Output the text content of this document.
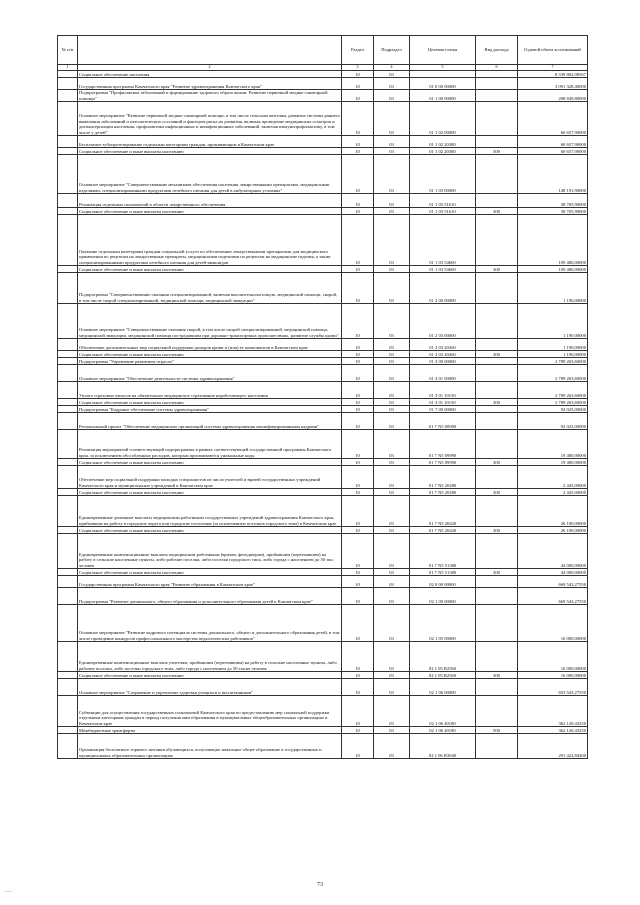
№ п/п		Раздел	Подраздел	Целевая статья	Вид расхода	Годовой объем ассигнований
1	2	3	4	5	6	7
	Социальное обеспечение населения	10	03			8 339 802,98567
	Государственная программа Камчатского края "Развитие здравоохранения Камчатского края"	10	03	01 0 00 00000		3 091 328,40000
	Подпрограмма "Профилактика заболеваний и формирование здорового образа жизни. Развитие первичной медико-санитарной помощи"	10	03	01 1 00 00000		208 849,80000
	Основное мероприятие "Развитие первичной медико-санитарной помощи, в том числе сельским жителям, развитие системы раннего выявления заболеваний и патологических состояний и факторов риска их развития, включая проведение медицинских осмотров и диспансеризации населения, профилактика инфекционных и неинфекционных заболеваний, включая иммунопрофилактику, в том числе у детей"	10	03	01 1 02 00000		60 657,90000
	Бесплатное зубопротезирование отдельным категориям граждан, проживающим в Камчатском крае	10	03	01 1 02 20380		60 657,90000
	Социальное обеспечение и иные выплаты населению	10	03	01 1 02 20380	300	60 657,90000
	Основное мероприятие "Совершенствование механизмов обеспечения населения лекарственными препаратами, медицинскими изделиями, специализированными продуктами лечебного питания для детей в амбулаторных условиях"	10	03	01 1 03 00000		148 191,90000
	Реализация отдельных полномочий в области лекарственного обеспечения	10	03	01 1 03 51610		38 705,90000
	Социальное обеспечение и иные выплаты населению	10	03	01 1 03 51610	300	38 705,90000
	Оказание отдельным категориям граждан социальной услуги по обеспечению лекарственными препаратами для медицинского применения по рецептам на лекарственные препараты, медицинскими изделиями по рецептам на медицинские изделия, а также специализированными продуктами лечебного питания для детей-инвалидов	10	03	01 1 03 54600		109 486,00000
	Социальное обеспечение и иные выплаты населению	10	03	01 1 03 54600	300	109 486,00000
	Подпрограмма "Совершенствование оказания специализированной, включая высокотехнологичную, медицинской помощи, скорой, в том числе скорой специализированной, медицинской помощи, медицинской эвакуации"	10	03	01 2 00 00000		1 190,00000
	Основное мероприятие "Совершенствование оказания скорой, в том числе скорой специализированной, медицинской помощи, медицинской эвакуации, медицинской помощи пострадавшим при дорожно-транспортных происшествиях, развитие службы крови"	10	03	01 2 03 00000		1 190,00000
	Обеспечение дополнительных мер социальной поддержки доноров крови и (или) ее компонентов в Камчатском крае	10	03	01 2 03 20260		1 190,00000
	Социальное обеспечение и иные выплаты населению	10	03	01 2 03 20260	300	1 190,00000
	Подпрограмма "Управление развитием отрасли"	10	03	01 3 00 00000		2 789 263,60000
	Основное мероприятие "Обеспечение деятельности системы здравоохранения"	10	03	01 3 01 00000		2 789 263,60000
	Уплата страховых взносов на обязательное медицинское страхование неработающего населения	10	03	01 3 01 10150		2 789 263,60000
	Социальное обеспечение и иные выплаты населению	10	03	01 3 01 10150	300	2 789 263,60000
	Подпрограмма "Кадровое обеспечение системы здравоохранения"	10	03	01 7 00 00000		92 025,00000
	Региональный проект "Обеспечение медицинских организаций системы здравоохранения квалифицированными кадрами"	10	03	01 7 N5 00000		92 025,00000
	Реализация мероприятий соответствующей подпрограммы в рамках соответствующей государственной программы Камчатского края, за исключением обособленных расходов, которым присваиваются уникальные коды	10	03	01 7 N5 09990		19 480,00000
	Социальное обеспечение и иные выплаты населению	10	03	01 7 N5 09990	300	19 480,00000
	Обеспечение мер социальной поддержки молодых специалистов из числа учителей и врачей государственных учреждений Камчатского края и муниципальных учреждений в Камчатском крае	10	03	01 7 N5 20280		2 445,00000
	Социальное обеспечение и иные выплаты населению	10	03	01 7 N5 20280	300	2 445,00000
	Единовременные денежные выплаты медицинским работникам государственных учреждений здравоохранения Камчатского края, прибывшим на работу в городские округа или городские поселения (за исключением поселков городского типа) в Камчатском крае	10	03	01 7 N5 20420		26 100,00000
	Социальное обеспечение и иные выплаты населению	10	03	01 7 N5 20420	300	26 100,00000
	Единовременные компенсационные выплаты медицинским работникам (врачам, фельдшерам), прибывшим (переехавшим) на работу в сельские населенные пункты, либо рабочие поселки, либо поселки городского типа, либо города с населением до 50 тыс. человек	10	03	01 7 N5 51380		44 000,00000
	Социальное обеспечение и иные выплаты населению	10	03	01 7 N5 51380	300	44 000,00000
	Государственная программа Камчатского края "Развитие образования в Камчатском крае"	10	03	02 0 00 00000		669 543,27550
	Подпрограмма "Развитие дошкольного, общего образования и дополнительного образования детей в Камчатском крае"	10	03	02 1 00 00000		669 543,27550
	Основное мероприятие "Развитие кадрового потенциала системы дошкольного, общего и дополнительного образования детей, в том числе проведение конкурсов профессионального мастерства педагогических работников"	10	03	02 1 05 00000		16 000,00000
	Единовременные компенсационные выплаты учителям, прибывшим (переехавшим) на работу в сельские населенные пункты, либо рабочие поселки, либо поселки городского типа, либо города с населением до 50 тысяч человек	10	03	02 1 05 R2560		16 000,00000
	Социальное обеспечение и иные выплаты населению	10	03	02 1 05 R2560	300	16 000,00000
	Основное мероприятие "Сохранение и укрепление здоровья учащихся и воспитанников"	10	03	02 1 06 00000		653 543,27550
	Субвенции для осуществления государственных полномочий Камчатского края по предоставлению мер социальной поддержки отдельным категориям граждан в период получения ими образования в муниципальных общеобразовательных организациях в Камчатском крае	10	03	02 1 06 40180		362 120,43250
	Межбюджетные трансферты	10	03	02 1 06 40180	500	362 120,43250
	Организация бесплатного горячего питания обучающихся, получающих начальное общее образование в государственных и муниципальных образовательных организациях	10	03	02 1 06 R3040		291 422,84300
73
—— · ·
